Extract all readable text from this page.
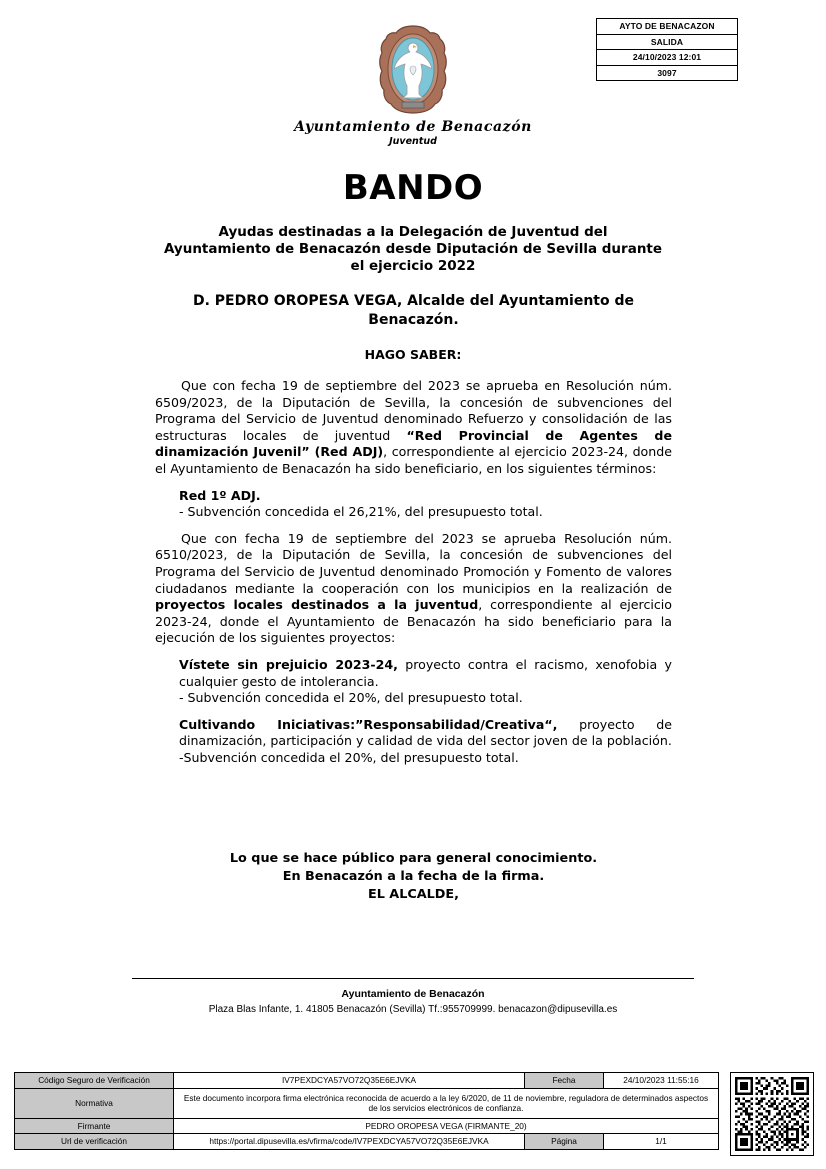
AYTO DE BENACAZON
SALIDA
24/10/2023 12:01
3097
Ayuntamiento de Benacazón
Juventud
BANDO
Ayudas destinadas a la Delegación de Juventud del Ayuntamiento de Benacazón desde Diputación de Sevilla durante el ejercicio 2022
D. PEDRO OROPESA VEGA, Alcalde del Ayuntamiento de Benacazón.
HAGO SABER:

Que con fecha 19 de septiembre del 2023 se aprueba en Resolución núm. 6509/2023, de la Diputación de Sevilla, la concesión de subvenciones del Programa del Servicio de Juventud denominado Refuerzo y consolidación de las estructuras locales de juventud “Red Provincial de Agentes de dinamización Juvenil” (Red ADJ), correspondiente al ejercicio 2023-24, donde el Ayuntamiento de Benacazón ha sido beneficiario, en los siguientes términos:

Red 1º ADJ.
- Subvención concedida el 26,21%, del presupuesto total.

Que con fecha 19 de septiembre del 2023 se aprueba Resolución núm. 6510/2023, de la Diputación de Sevilla, la concesión de subvenciones del Programa del Servicio de Juventud denominado Promoción y Fomento de valores ciudadanos mediante la cooperación con los municipios en la realización de proyectos locales destinados a la juventud, correspondiente al ejercicio 2023-24, donde el Ayuntamiento de Benacazón ha sido beneficiario para la ejecución de los siguientes proyectos:

Vístete sin prejuicio 2023-24, proyecto contra el racismo, xenofobia y cualquier gesto de intolerancia.
- Subvención concedida el 20%, del presupuesto total.
Cultivando Iniciativas:”Responsabilidad/Creativa“, proyecto de dinamización, participación y calidad de vida del sector joven de la población.
-Subvención concedida el 20%, del presupuesto total.
Lo que se hace público para general conocimiento.
En Benacazón a la fecha de la firma.
EL ALCALDE,
Ayuntamiento de Benacazón
Plaza Blas Infante, 1. 41805 Benacazón (Sevilla) Tf.:955709999. benacazon@dipusevilla.es
Código Seguro de Verificación	IV7PEXDCYA57VO72Q35E6EJVKA	Fecha	24/10/2023 11:55:16
Normativa	Este documento incorpora firma electrónica reconocida de acuerdo a la ley 6/2020, de 11 de noviembre, reguladora de determinados aspectos de los servicios electrónicos de confianza.		
Firmante	PEDRO OROPESA VEGA (FIRMANTE_20)		
Url de verificación	https://portal.dipusevilla.es/vfirma/code/IV7PEXDCYA57VO72Q35E6EJVKA	Página	1/1
